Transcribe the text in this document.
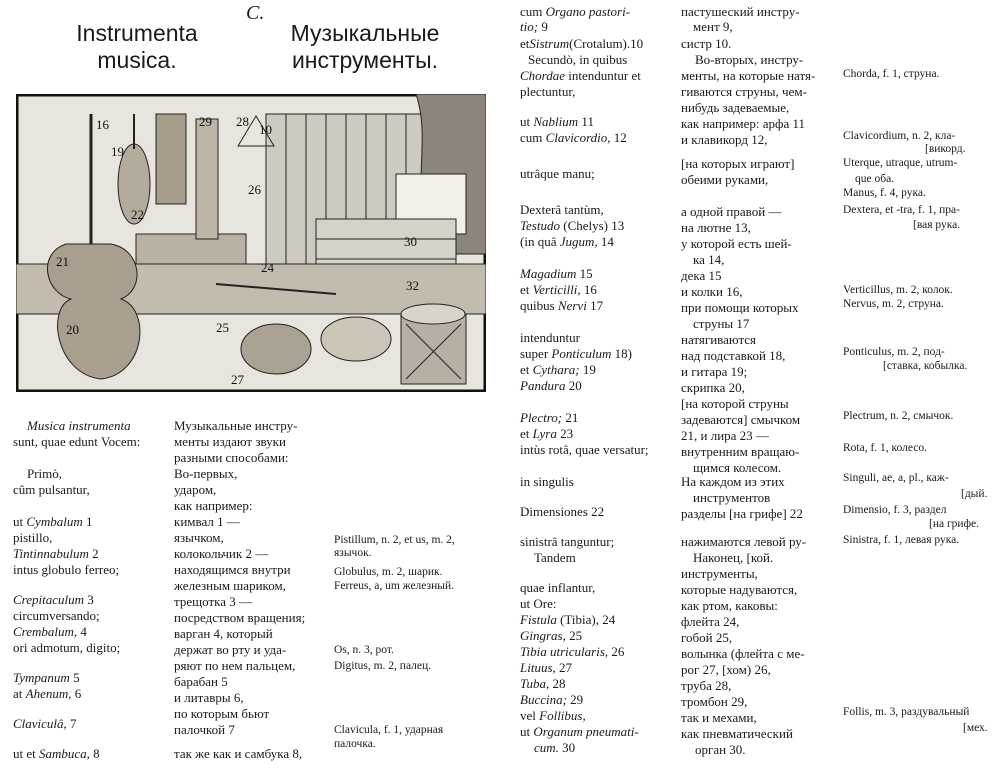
C.
Instrumenta
musica.
Музыкальные
инструменты.
10
16
19
20
21
22
24
25
26
27
28
29
30
32
Musica instrumenta
sunt, quae edunt Vocem:
Primò,
cûm pulsantur,
ut Cymbalum 1
pistillo,
Tintinnabulum 2
intus globulo ferreo;
Crepitaculum 3
circumversando;
Crembalum, 4
ori admotum, digito;
Tympanum 5
at Ahenum, 6
Claviculâ, 7
ut et Sambuca, 8
Музыкальные инстру-
менты издают звуки
разными способами:
Во-первых,
ударом,
как например:
кимвал 1 —
язычком,
колокольчик 2 —
находящимся внутри
железным шариком,
трещотка 3 —
посредством вращения;
варган 4, который
держат во рту и уда-
ряют по нем пальцем,
барабан 5
и литавры 6,
по которым бьют
палочкой 7
так же как и самбука 8,
Pistillum, n. 2, et us, m. 2,
язычок.
Globulus, m. 2, шарик.
Ferreus, a, um железный.
Os, n. 3, рот.
Digitus, m. 2, палец.
Clavicula, f. 1, ударная
палочка.
cum Organo pastori-
tio; 9
etSistrum(Crotalum).10
Secundò, in quibus
Chordae intenduntur et
plectuntur,
ut Nablium 11
cum Clavicordio, 12
utrâque manu;
Dexterâ tantùm,
Testudo (Chelys) 13
(in quâ Jugum, 14
Magadium 15
et Verticilli, 16
quibus Nervi 17
intenduntur
super Ponticulum 18)
et Cythara; 19
Pandura 20
Plectro; 21
et Lyra 23
intùs rotâ, quae versatur;
in singulis
Dimensiones 22
sinistrâ tanguntur;
Tandem
quae inflantur,
ut Ore:
Fistula (Tibia), 24
Gingras, 25
Tibia utricularis, 26
Lituus, 27
Tuba, 28
Buccina; 29
vel Follibus,
ut Organum pneumati-
cum. 30
пастушеский инстру-
мент 9,
систр 10.
Во-вторых, инстру-
менты, на которые натя-
гиваются струны, чем-
нибудь задеваемые,
как например: арфа 11
и клавикорд 12,
[на которых играют]
обеими руками,
а одной правой —
на лютне 13,
у которой есть шей-
ка 14,
дека 15
и колки 16,
при помощи которых
струны 17
натягиваются
над подставкой 18,
и гитара 19;
скрипка 20,
[на которой струны
задеваются] смычком
21, и лира 23 —
внутренним вращаю-
щимся колесом.
На каждом из этих
инструментов
разделы [на грифе] 22
нажимаются левой ру-
Наконец, [кой.
инструменты,
которые надуваются,
как ртом, каковы:
флейта 24,
гобой 25,
волынка (флейта с ме-
рог 27, [хом) 26,
труба 28,
тромбон 29,
так и мехами,
как пневматический
орган 30.
Chorda, f. 1, струна.
Clavicordium, n. 2, кла-
[викорд.
Uterque, utraque, utrum-
que оба.
Manus, f. 4, рука.
Dextera, et -tra, f. 1, пра-
[вая рука.
Verticillus, m. 2, колок.
Nervus, m. 2, струна.
Ponticulus, m. 2, под-
[ставка, кобылка.
Plectrum, n. 2, смычок.
Rota, f. 1, колесо.
Singuli, ae, a, pl., каж-
[дый.
Dimensio, f. 3, раздел
[на грифе.
Sinistra, f. 1, левая рука.
Follis, m. 3, раздувальный
[мех.
